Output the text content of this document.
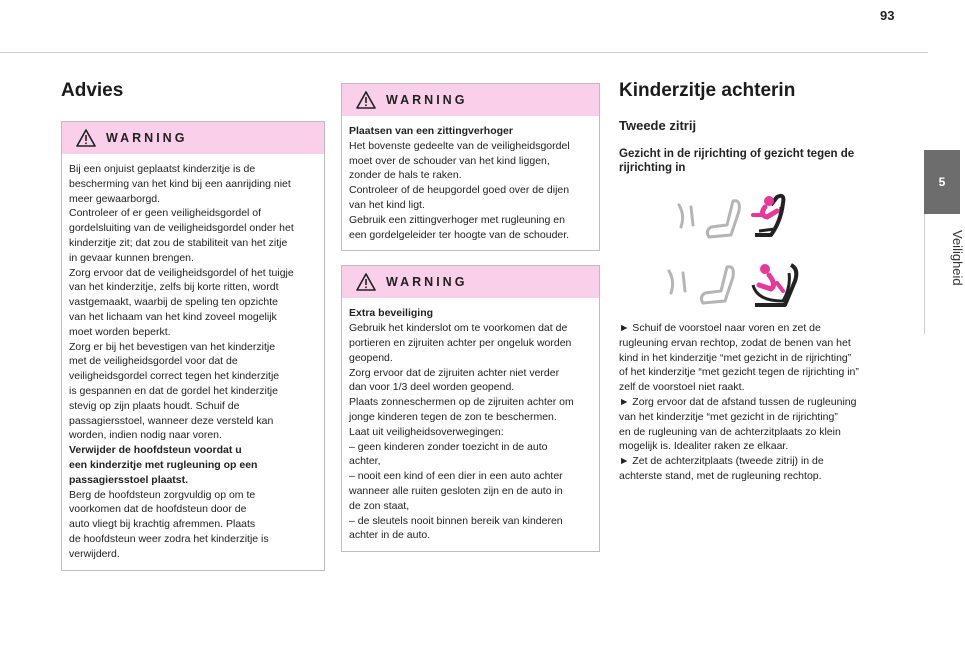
93
5
Veiligheid
Advies
WARNING

Bij een onjuist geplaatst kinderzitje is de

bescherming van het kind bij een aanrijding niet

meer gewaarborgd.

Controleer of er geen veiligheidsgordel of

gordelsluiting van de veiligheidsgordel onder het

kinderzitje zit; dat zou de stabiliteit van het zitje

in gevaar kunnen brengen.

Zorg ervoor dat de veiligheidsgordel of het tuigje

van het kinderzitje, zelfs bij korte ritten, wordt

vastgemaakt, waarbij de speling ten opzichte

van het lichaam van het kind zoveel mogelijk

moet worden beperkt.

Zorg er bij het bevestigen van het kinderzitje

met de veiligheidsgordel voor dat de

veiligheidsgordel correct tegen het kinderzitje

is gespannen en dat de gordel het kinderzitje

stevig op zijn plaats houdt. Schuif de

passagiersstoel, wanneer deze versteld kan

worden, indien nodig naar voren.

Verwijder de hoofdsteun voordat u

een kinderzitje met rugleuning op een

passagiersstoel plaatst.

Berg de hoofdsteun zorgvuldig op om te

voorkomen dat de hoofdsteun door de

auto vliegt bij krachtig afremmen. Plaats

de hoofdsteun weer zodra het kinderzitje is

verwijderd.

WARNING

Plaatsen van een zittingverhoger

Het bovenste gedeelte van de veiligheidsgordel

moet over de schouder van het kind liggen,

zonder de hals te raken.

Controleer of de heupgordel goed over de dijen

van het kind ligt.

Gebruik een zittingverhoger met rugleuning en

een gordelgeleider ter hoogte van de schouder.

WARNING

Extra beveiliging

Gebruik het kinderslot om te voorkomen dat de

portieren en zijruiten achter per ongeluk worden

geopend.

Zorg ervoor dat de zijruiten achter niet verder

dan voor 1/3 deel worden geopend.

Plaats zonneschermen op de zijruiten achter om

jonge kinderen tegen de zon te beschermen.

Laat uit veiligheidsoverwegingen:

– geen kinderen zonder toezicht in de auto

achter,

– nooit een kind of een dier in een auto achter

wanneer alle ruiten gesloten zijn en de auto in

de zon staat,

– de sleutels nooit binnen bereik van kinderen

achter in de auto.

Kinderzitje achterin
Tweede zitrij
Gezicht in de rijrichting of gezicht tegen de
rijrichting in

► Schuif de voorstoel naar voren en zet de

rugleuning ervan rechtop, zodat de benen van het

kind in het kinderzitje “met gezicht in de rijrichting”

of het kinderzitje “met gezicht tegen de rijrichting in”

zelf de voorstoel niet raakt.

► Zorg ervoor dat de afstand tussen de rugleuning

van het kinderzitje “met gezicht in de rijrichting”

en de rugleuning van de achterzitplaats zo klein

mogelijk is. Idealiter raken ze elkaar.

► Zet de achterzitplaats (tweede zitrij) in de

achterste stand, met de rugleuning rechtop.
